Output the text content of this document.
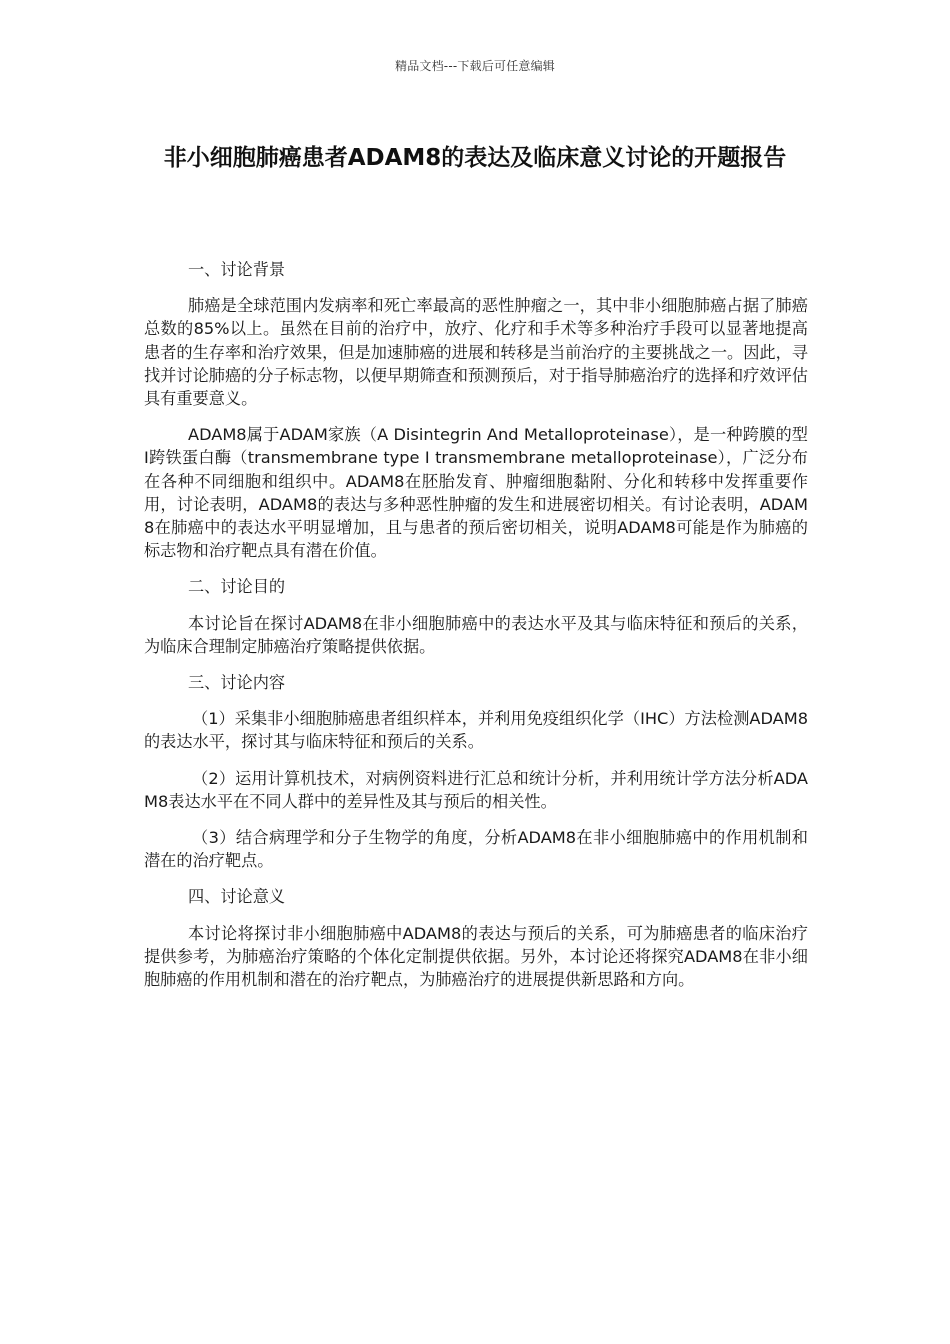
精品文档---下载后可任意编辑
非小细胞肺癌患者ADAM8的表达及临床意义讨论的开题报告
一、讨论背景

肺癌是全球范围内发病率和死亡率最高的恶性肿瘤之一，其中非小细胞肺癌占据了肺癌总数的85%以上。虽然在目前的治疗中，放疗、化疗和手术等多种治疗手段可以显著地提高患者的生存率和治疗效果，但是加速肺癌的进展和转移是当前治疗的主要挑战之一。因此，寻找并讨论肺癌的分子标志物，以便早期筛查和预测预后，对于指导肺癌治疗的选择和疗效评估具有重要意义。

ADAM8属于ADAM家族（A Disintegrin And Metalloproteinase），是一种跨膜的型I跨铁蛋白酶（transmembrane type I transmembrane metalloproteinase），广泛分布在各种不同细胞和组织中。ADAM8在胚胎发育、肿瘤细胞黏附、分化和转移中发挥重要作用，讨论表明，ADAM8的表达与多种恶性肿瘤的发生和进展密切相关。有讨论表明，ADAM8在肺癌中的表达水平明显增加，且与患者的预后密切相关，说明ADAM8可能是作为肺癌的标志物和治疗靶点具有潜在价值。

二、讨论目的

本讨论旨在探讨ADAM8在非小细胞肺癌中的表达水平及其与临床特征和预后的关系，为临床合理制定肺癌治疗策略提供依据。

三、讨论内容

（1）采集非小细胞肺癌患者组织样本，并利用免疫组织化学（IHC）方法检测ADAM8的表达水平，探讨其与临床特征和预后的关系。

（2）运用计算机技术，对病例资料进行汇总和统计分析，并利用统计学方法分析ADAM8表达水平在不同人群中的差异性及其与预后的相关性。

（3）结合病理学和分子生物学的角度，分析ADAM8在非小细胞肺癌中的作用机制和潜在的治疗靶点。

四、讨论意义

本讨论将探讨非小细胞肺癌中ADAM8的表达与预后的关系，可为肺癌患者的临床治疗提供参考，为肺癌治疗策略的个体化定制提供依据。另外，本讨论还将探究ADAM8在非小细胞肺癌的作用机制和潜在的治疗靶点，为肺癌治疗的进展提供新思路和方向。
